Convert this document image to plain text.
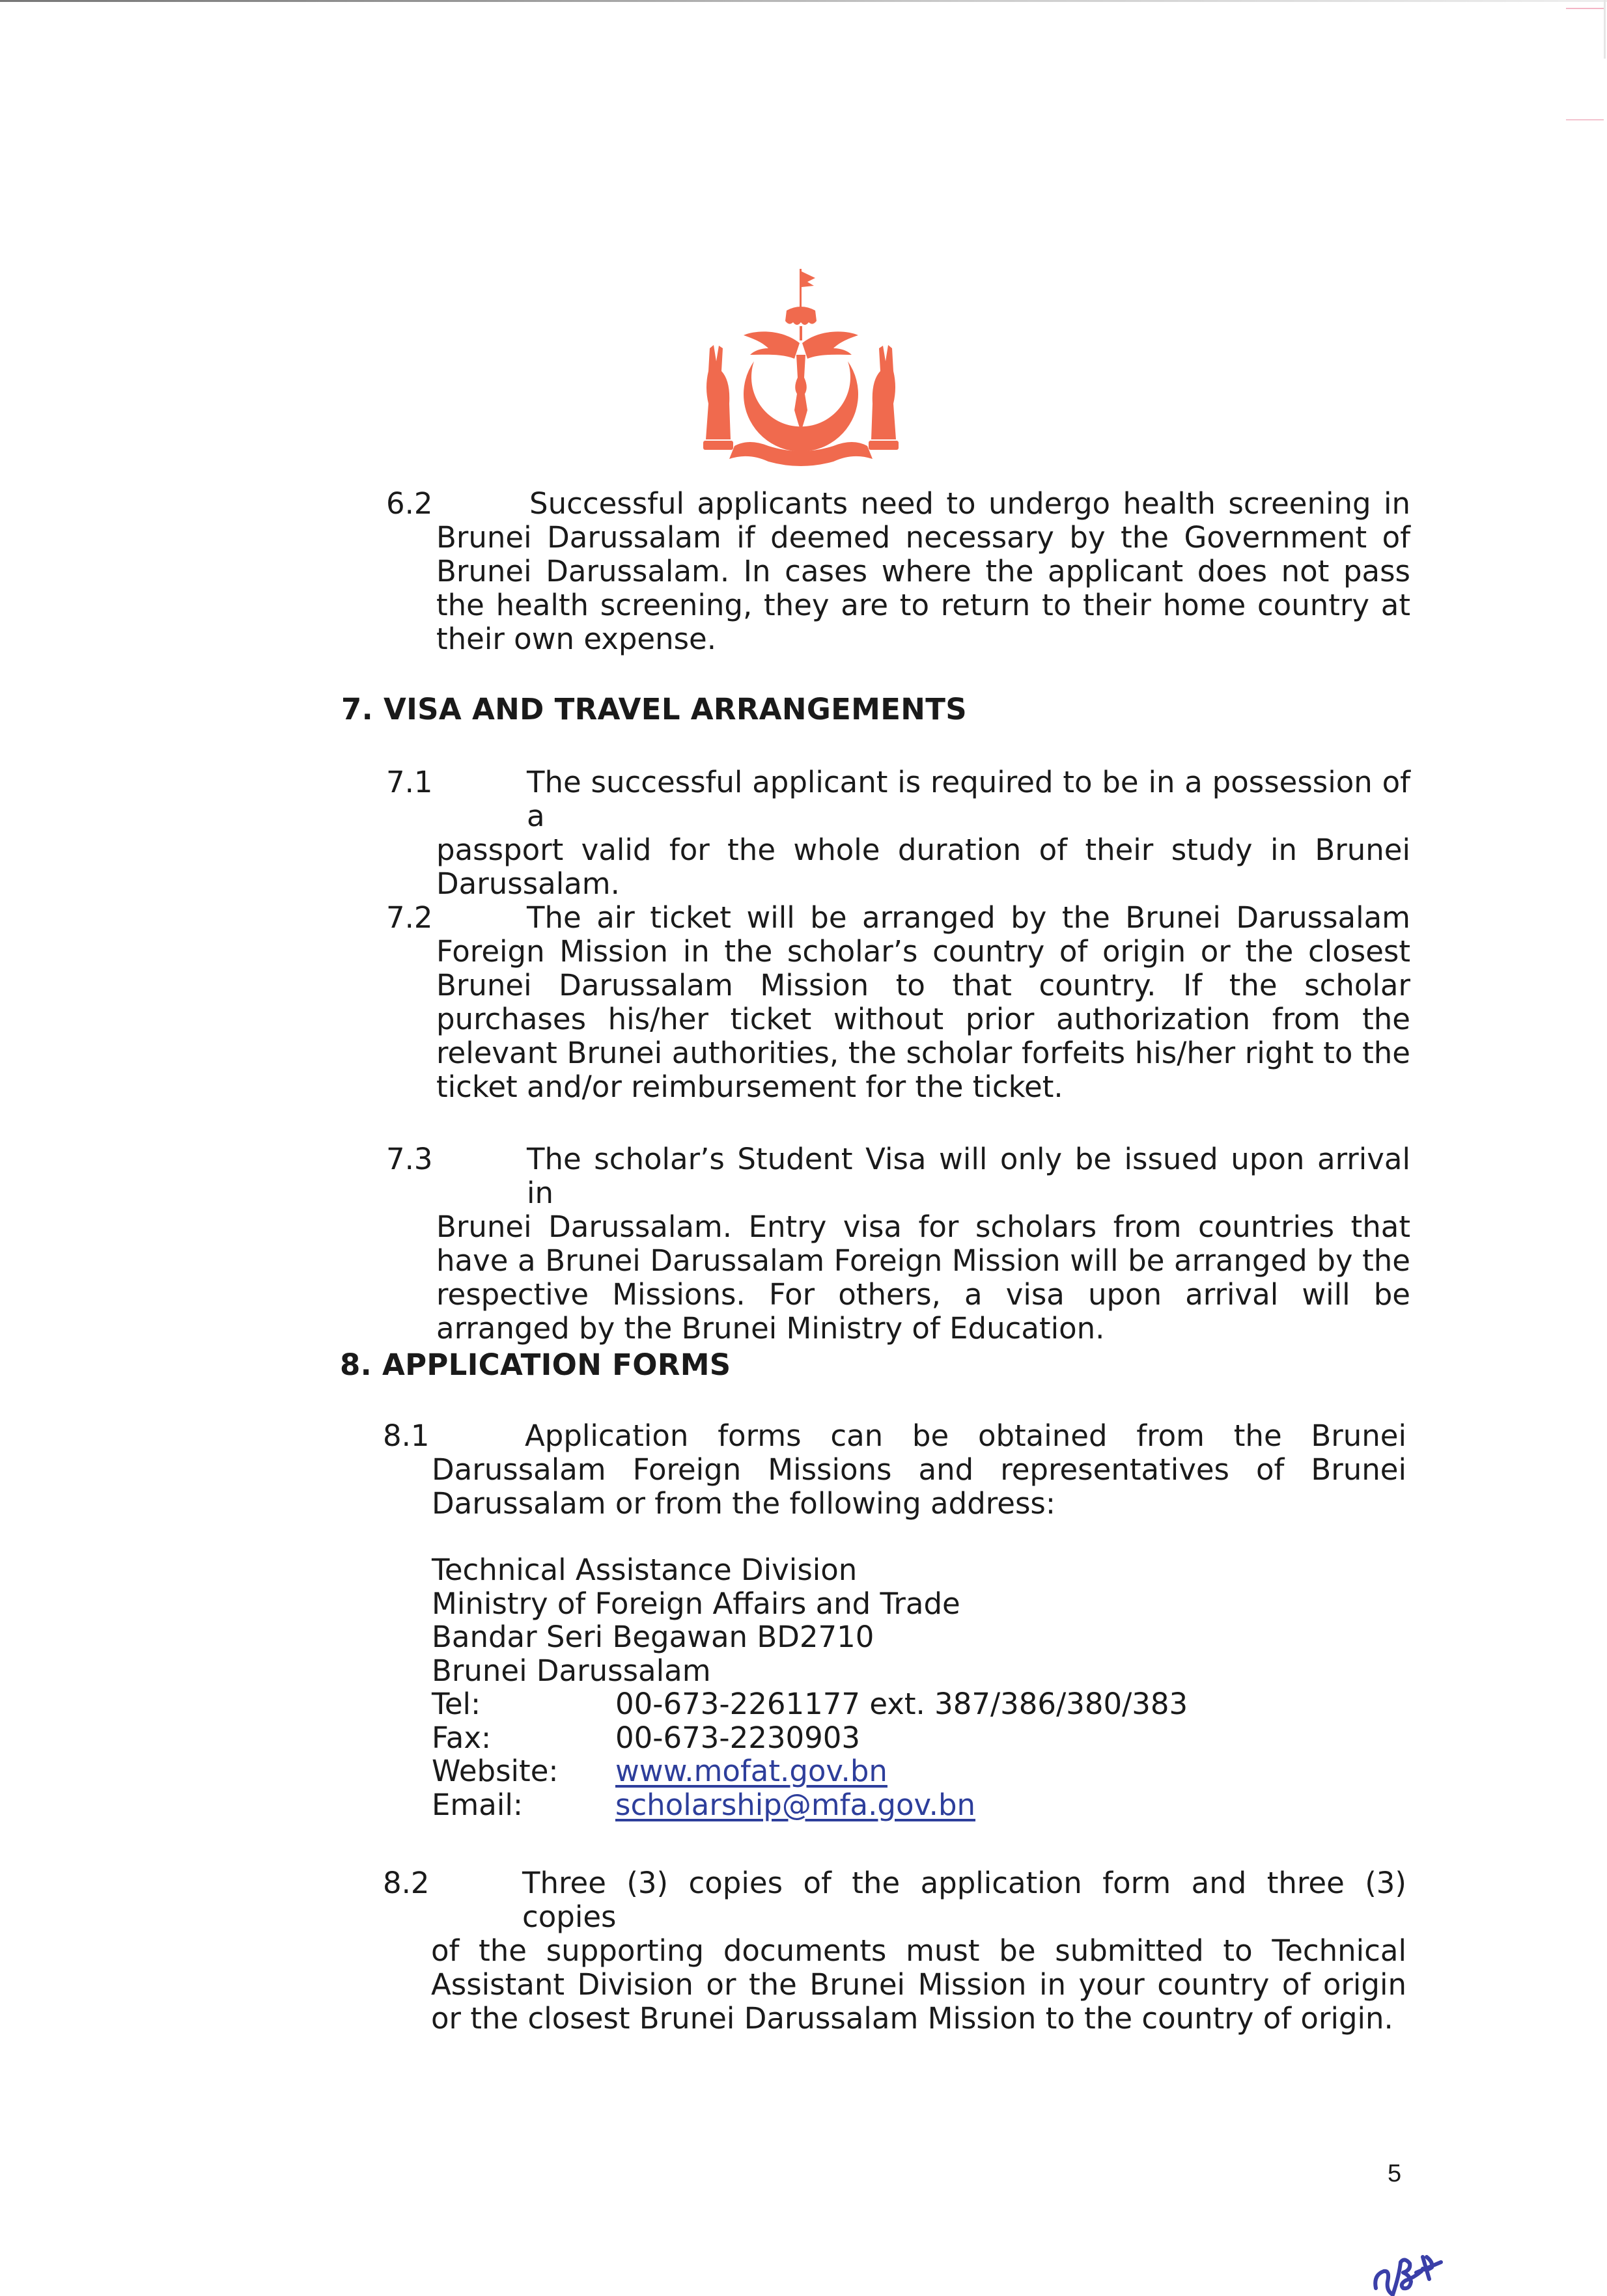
6.2	Successful applicants need to undergo health screening in
Brunei Darussalam if deemed necessary by the Government of Brunei Darussalam. In cases where the applicant does not pass the health screening, they are to return to their home country at their own expense.
7. VISA AND TRAVEL ARRANGEMENTS
7.1	The successful applicant is required to be in a possession of a
passport valid for the whole duration of their study in Brunei Darussalam.
7.2	The air ticket will be arranged by the Brunei Darussalam
Foreign Mission in the scholar’s country of origin or the closest Brunei Darussalam Mission to that country. If the scholar purchases his/her ticket without prior authorization from the relevant Brunei authorities, the scholar forfeits his/her right to the ticket and/or reimbursement for the ticket.
7.3	The scholar’s Student Visa will only be issued upon arrival in
Brunei Darussalam. Entry visa for scholars from countries that have a Brunei Darussalam Foreign Mission will be arranged by the respective Missions. For others, a visa upon arrival will be arranged by the Brunei Ministry of Education.
8. APPLICATION FORMS
8.1	Application forms can be obtained from the Brunei
Darussalam Foreign Missions and representatives of Brunei Darussalam or from the following address:
Technical Assistance Division
Ministry of Foreign Affairs and Trade
Bandar Seri Begawan BD2710
Brunei Darussalam
Tel:	00-673-2261177 ext. 387/386/380/383
Fax:	00-673-2230903
Website:	www.mofat.gov.bn
Email:	scholarship@mfa.gov.bn
8.2	Three (3) copies of the application form and three (3) copies
of the supporting documents must be submitted to Technical Assistant Division or the Brunei Mission in your country of origin or the closest Brunei Darussalam Mission to the country of origin.
5
